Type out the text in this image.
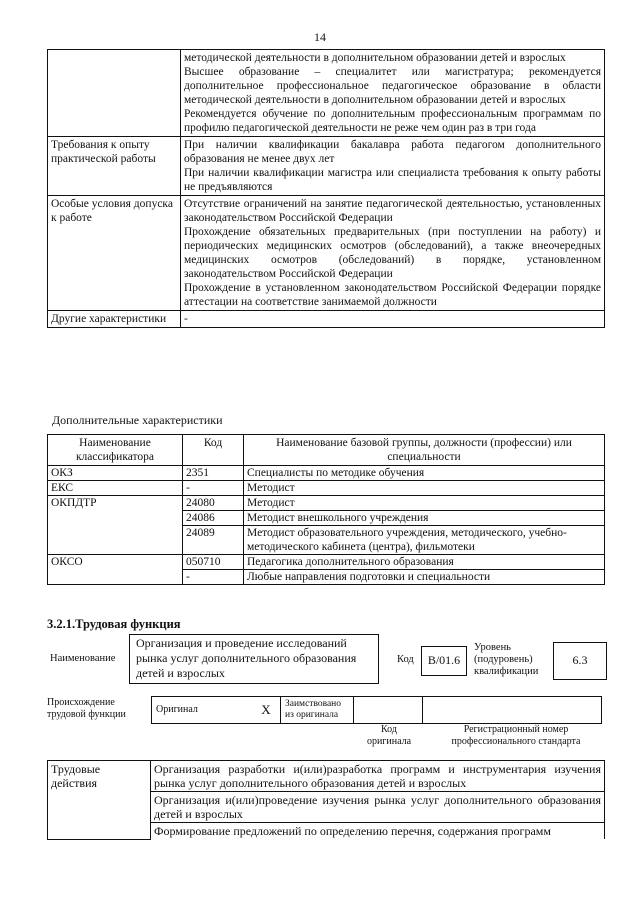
14

	методической деятельности в дополнительном образовании детей и взрослых

Высшее образование – специалитет или магистратура; рекомендуется дополнительное профессиональное педагогическое образование в области методической деятельности в дополнительном образовании детей и взрослых

Рекомендуется обучение по дополнительным профессиональным программам по профилю педагогической деятельности не реже чем один раз в три года

Требования к опыту практической работы	При наличии квалификации бакалавра работа педагогом дополнительного образования не менее двух лет

При наличии квалификации магистра или специалиста требования к опыту работы не предъявляются

Особые условия допуска к работе	Отсутствие ограничений на занятие педагогической деятельностью, установленных законодательством Российской Федерации

Прохождение обязательных предварительных (при поступлении на работу) и периодических медицинских осмотров (обследований), а также внеочередных медицинских осмотров (обследований) в порядке, установленном законодательством Российской Федерации

Прохождение в установленном законодательством Российской Федерации порядке аттестации на соответствие занимаемой должности

Другие характеристики	-

Дополнительные характеристики
Наименование классификатора	Код	Наименование базовой группы, должности (профессии) или специальности
ОКЗ	2351	Специалисты по методике обучения
ЕКС	-	Методист
ОКПДТР	24080	Методист
	24086	Методист внешкольного учреждения
	24089	Методист образовательного учреждения, методического, учебно-методического кабинета (центра), фильмотеки
ОКСО	050710	Педагогика дополнительного образования
	-	Любые направления подготовки и специальности
3.2.1.Трудовая функция
Наименование
Организация и проведение исследований рынка услуг дополнительного образования детей и взрослых
Код	В/01.6
Уровень (подуровень) квалификации
6.3
Происхождение трудовой функции	Оригинал	X	Заимствовано из оригинала		
Код оригинала
Регистрационный номер профессионального стандарта
Трудовые действия	Организация разработки и(или)разработка программ и инструментария изучения рынка услуг дополнительного образования детей и взрослых
Организация и(или)проведение изучения рынка услуг дополнительного образования детей и взрослых
Формирование предложений по определению перечня, содержания программ
